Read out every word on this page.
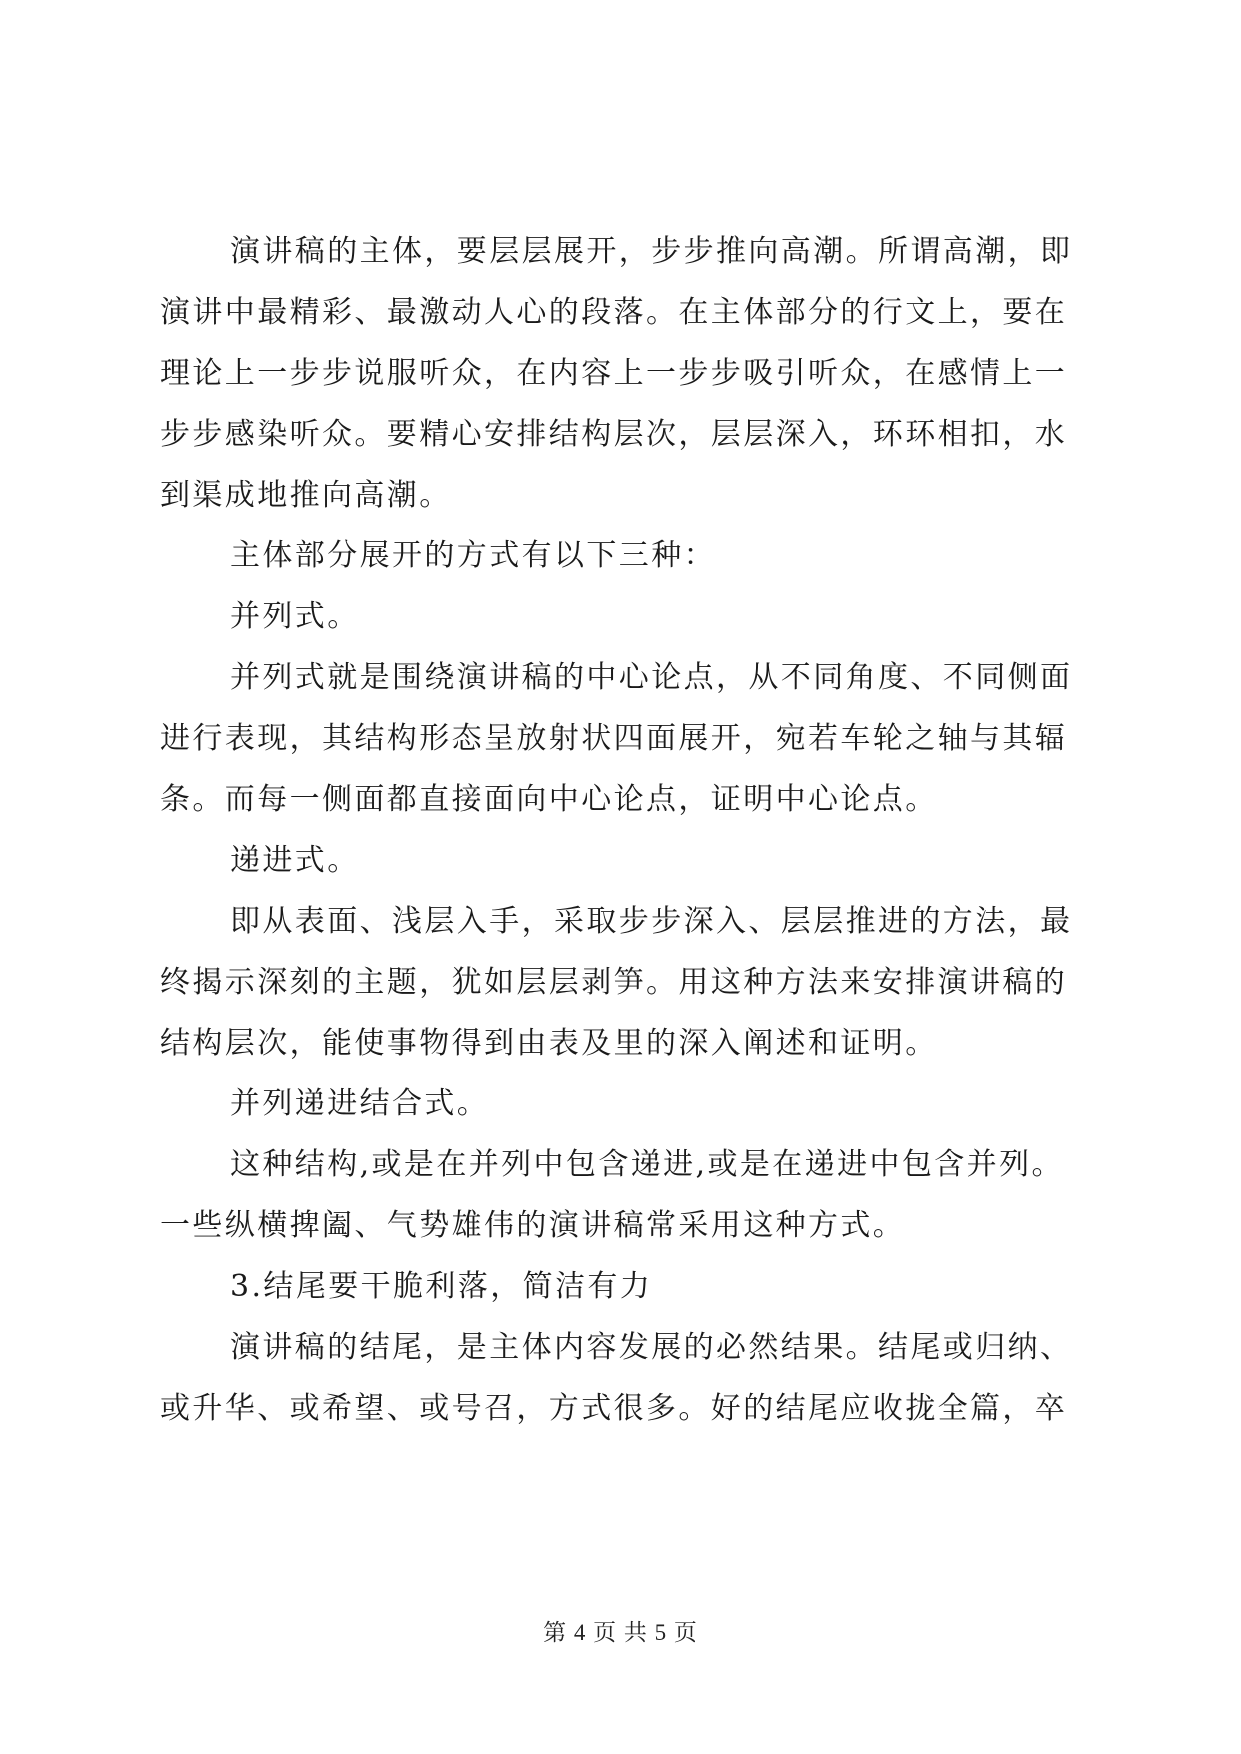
演讲稿的主体，要层层展开，步步推向高潮。所谓高潮，即
演讲中最精彩、最激动人心的段落。在主体部分的行文上，要在
理论上一步步说服听众，在内容上一步步吸引听众，在感情上一
步步感染听众。要精心安排结构层次，层层深入，环环相扣，水
到渠成地推向高潮。
主体部分展开的方式有以下三种：
并列式。
并列式就是围绕演讲稿的中心论点，从不同角度、不同侧面
进行表现，其结构形态呈放射状四面展开，宛若车轮之轴与其辐
条。而每一侧面都直接面向中心论点，证明中心论点。
递进式。
即从表面、浅层入手，采取步步深入、层层推进的方法，最
终揭示深刻的主题，犹如层层剥笋。用这种方法来安排演讲稿的
结构层次，能使事物得到由表及里的深入阐述和证明。
并列递进结合式。
这种结构,或是在并列中包含递进,或是在递进中包含并列。
一些纵横捭阖、气势雄伟的演讲稿常采用这种方式。
3.结尾要干脆利落，简洁有力
演讲稿的结尾，是主体内容发展的必然结果。结尾或归纳、
或升华、或希望、或号召，方式很多。好的结尾应收拢全篇，卒
第 4 页 共 5 页
